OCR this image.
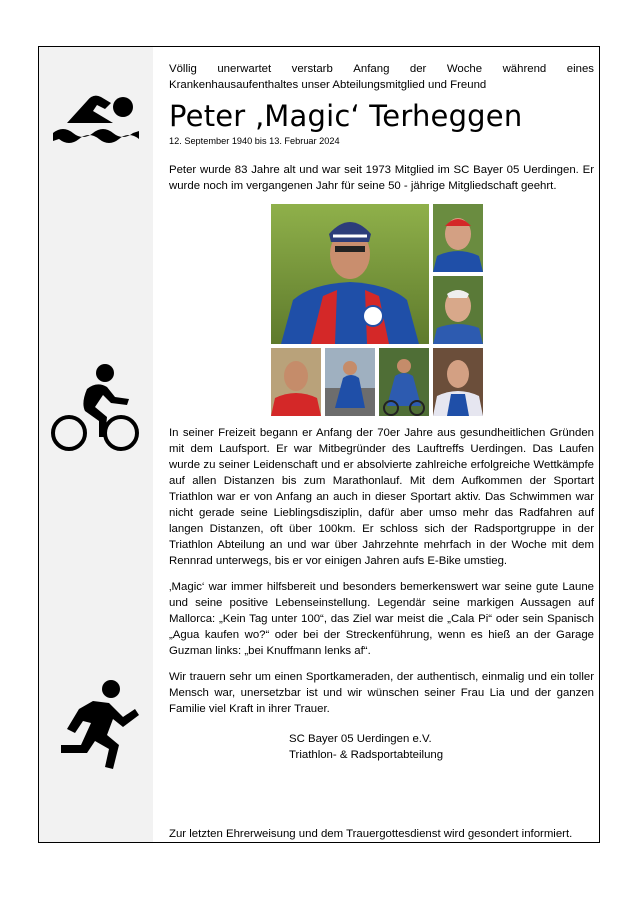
Völlig unerwartet verstarb Anfang der Woche während eines
Krankenhausaufenthaltes unser Abteilungsmitglied und Freund

Peter ‚Magic‘ Terheggen
12. September 1940 bis 13. Februar 2024

Peter wurde 83 Jahre alt und war seit 1973 Mitglied im SC Bayer 05 Uerdingen. Er wurde noch im vergangenen Jahr für seine 50 - jährige Mitgliedschaft geehrt.

In seiner Freizeit begann er Anfang der 70er Jahre aus gesundheitlichen Gründen mit dem Laufsport. Er war Mitbegründer des Lauftreffs Uerdingen. Das Laufen wurde zu seiner Leidenschaft und er absolvierte zahlreiche erfolgreiche Wettkämpfe auf allen Distanzen bis zum Marathonlauf. Mit dem Aufkommen der Sportart Triathlon war er von Anfang an auch in dieser Sportart aktiv. Das Schwimmen war nicht gerade seine Lieblingsdisziplin, dafür aber umso mehr das Radfahren auf langen Distanzen, oft über 100km. Er schloss sich der Radsportgruppe in der Triathlon Abteilung an und war über Jahrzehnte mehrfach in der Woche mit dem Rennrad unterwegs, bis er vor einigen Jahren aufs E-Bike umstieg.

‚Magic‘ war immer hilfsbereit und besonders bemerkenswert war seine gute Laune und seine positive Lebenseinstellung. Legendär seine markigen Aussagen auf Mallorca: „Kein Tag unter 100“, das Ziel war meist die „Cala Pi“ oder sein Spanisch „Agua kaufen wo?“ oder bei der Streckenführung, wenn es hieß an der Garage Guzman links: „bei Knuffmann lenks af“.

Wir trauern sehr um einen Sportkameraden, der authentisch, einmalig und ein toller Mensch war, unersetzbar ist und wir wünschen seiner Frau Lia und der ganzen Familie viel Kraft in ihrer Trauer.

SC Bayer 05 Uerdingen e.V.

Triathlon- & Radsportabteilung

Zur letzten Ehrerweisung und dem Trauergottesdienst wird gesondert informiert.
